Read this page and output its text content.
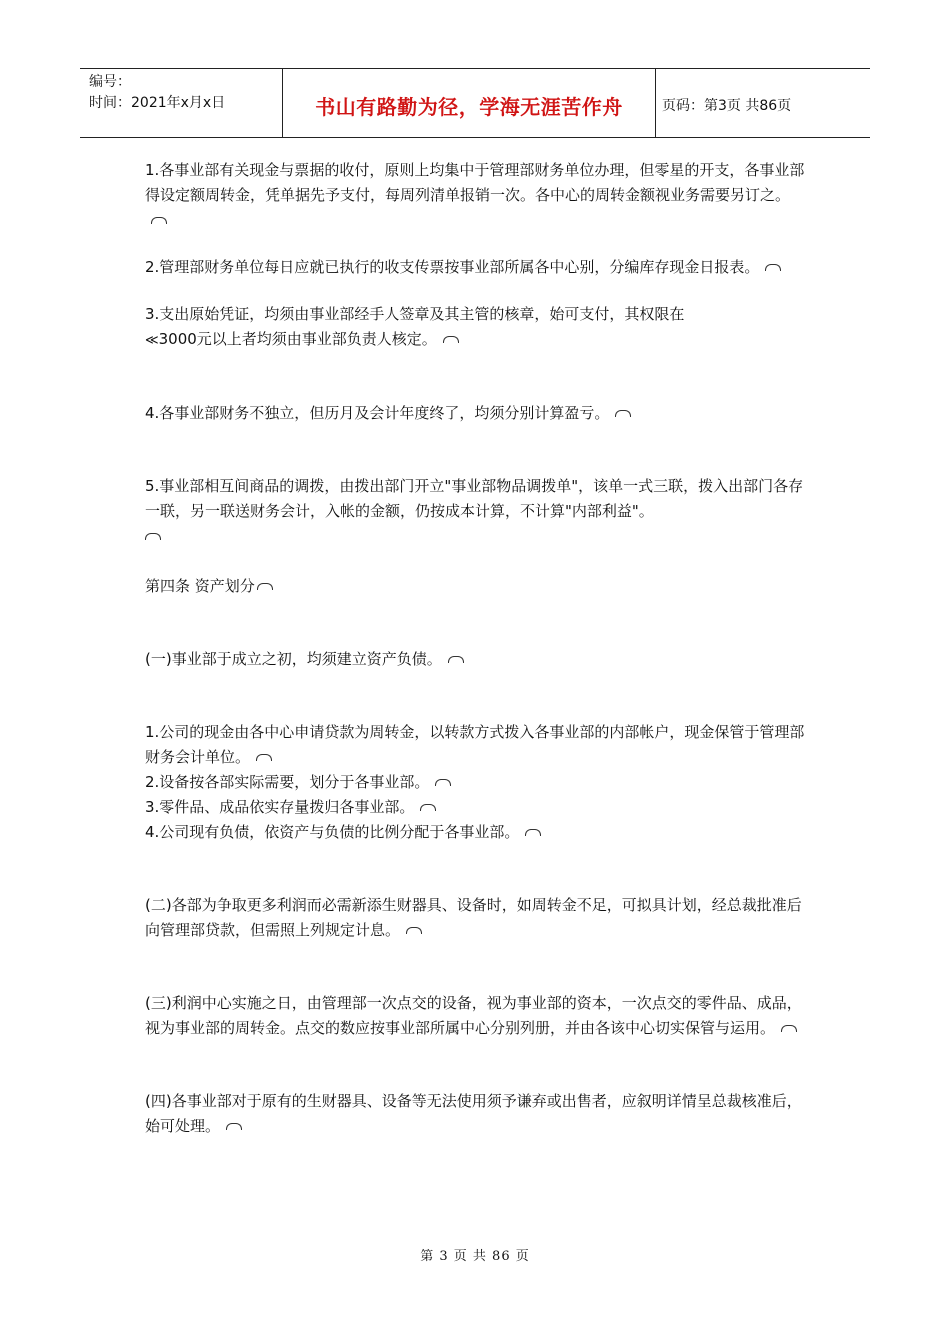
编号：
时间：2021年x月x日	书山有路勤为径，学海无涯苦作舟	页码：第3页 共86页

1.各事业部有关现金与票据的收付，原则上均集中于管理部财务单位办理，但零星的开支，各事业部得设定额周转金，凭单据先予支付，每周列清单报销一次。各中心的周转金额视业务需要另订之。

2.管理部财务单位每日应就已执行的收支传票按事业部所属各中心别，分编库存现金日报表。

3.支出原始凭证，均须由事业部经手人签章及其主管的核章，始可支付，其权限在

≪3000元以上者均须由事业部负责人核定。

4.各事业部财务不独立，但历月及会计年度终了，均须分别计算盈亏。

5.事业部相互间商品的调拨，由拨出部门开立"事业部物品调拨单"，该单一式三联，拨入出部门各存一联，另一联送财务会计，入帐的金额，仍按成本计算，不计算"内部利益"。

第四条 资产划分

(一)事业部于成立之初，均须建立资产负债。

1.公司的现金由各中心申请贷款为周转金，以转款方式拨入各事业部的内部帐户，现金保管于管理部财务会计单位。

2.设备按各部实际需要，划分于各事业部。

3.零件品、成品依实存量拨归各事业部。

4.公司现有负债，依资产与负债的比例分配于各事业部。

(二)各部为争取更多利润而必需新添生财器具、设备时，如周转金不足，可拟具计划，经总裁批准后向管理部贷款，但需照上列规定计息。

(三)利润中心实施之日，由管理部一次点交的设备，视为事业部的资本，一次点交的零件品、成品，视为事业部的周转金。点交的数应按事业部所属中心分别列册，并由各该中心切实保管与运用。

(四)各事业部对于原有的生财器具、设备等无法使用须予谦弃或出售者，应叙明详情呈总裁核准后，始可处理。

第 3 页 共 86 页
